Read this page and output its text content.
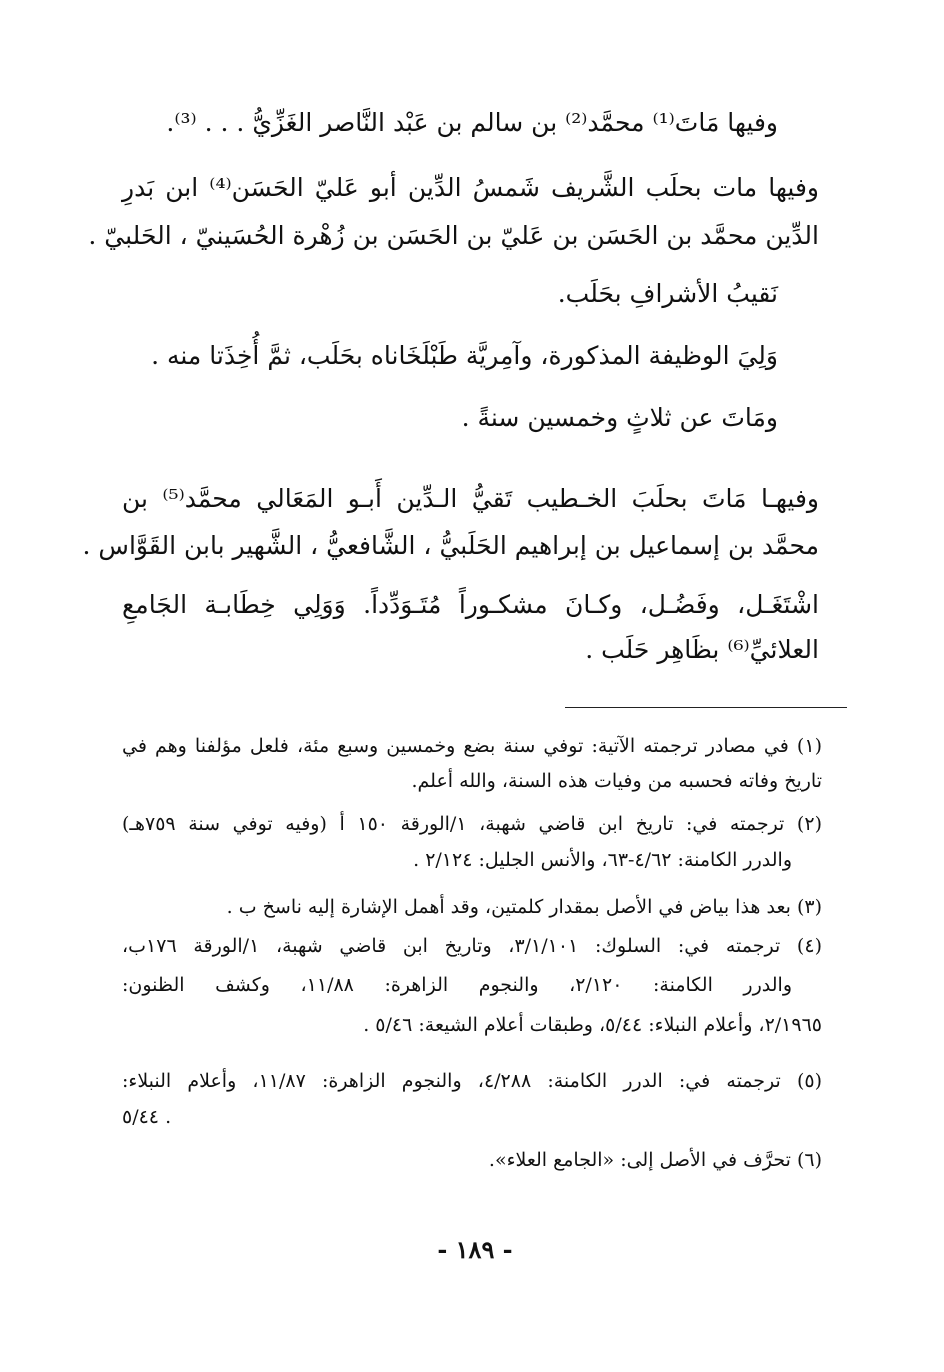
وفيها مَاتَ⁽¹⁾ محمَّد⁽²⁾ بن سالم بن عَبْد النَّاصر الغَزِّيُّ . . . ⁽³⁾.
وفيها مات بحلَب الشَّريف شَمسُ الدِّين أبو عَليّ الحَسَن⁽⁴⁾ ابن بَدرِ
الدِّين محمَّد بن الحَسَن بن عَليّ بن الحَسَن بن زُهْرة الحُسَينيّ ، الحَلبيّ .
نَقيبُ الأشرافِ بحَلَب.
وَلِيَ الوظيفة المذكورة، وآمِريَّة طَبْلَخَاناه بحَلَب، ثمَّ أُخِذَتا منه .
ومَاتَ عن ثلاثٍ وخمسين سنةً .
وفيهـا مَاتَ بحلَبَ الخـطيب تَقيُّ الـدِّين أَبـو المَعَالي محمَّد⁽⁵⁾ بن
محمَّد بن إسماعيل بن إبراهيم الحَلَبيُّ ، الشَّافعيُّ ، الشَّهير بابن القَوَّاس .
اشْتَغَـل، وفَضُـل، وكـانَ مشكـوراً مُتَـوَدِّداً. وَوَلِي خِطَابـة الجَامعِ
العلائيِّ⁽⁶⁾ بظَاهِر حَلَب .
(١) في مصادر ترجمته الآتية: توفي سنة بضع وخمسين وسبع مئة، فلعل مؤلفنا وهم في
تاريخ وفاته فحسبه من وفيات هذه السنة، والله أعلم.
(٢) ترجمته في: تاريخ ابن قاضي شهبة، ١/الورقة ١٥٠ أ (وفيه توفي سنة ٧٥٩هـ)
والدرر الكامنة: ٤/٦٢-٦٣، والأنس الجليل: ٢/١٢٤ .
(٣) بعد هذا بياض في الأصل بمقدار كلمتين، وقد أهمل الإشارة إليه ناسخ ب .
(٤) ترجمته في: السلوك: ٣/١/١٠١، وتاريخ ابن قاضي شهبة، ١/الورقة ١٧٦ب،
والدرر الكامنة: ٢/١٢٠، والنجوم الزاهرة: ١١/٨٨، وكشف الظنون:
٢/١٩٦٥، وأعلام النبلاء: ٥/٤٤، وطبقات أعلام الشيعة: ٥/٤٦ .
(٥) ترجمته في: الدرر الكامنة: ٤/٢٨٨، والنجوم الزاهرة: ١١/٨٧، وأعلام النبلاء:
٥/٤٤ .
(٦) تحرَّف في الأصل إلى: «الجامع العلاء».
- ١٨٩ -
